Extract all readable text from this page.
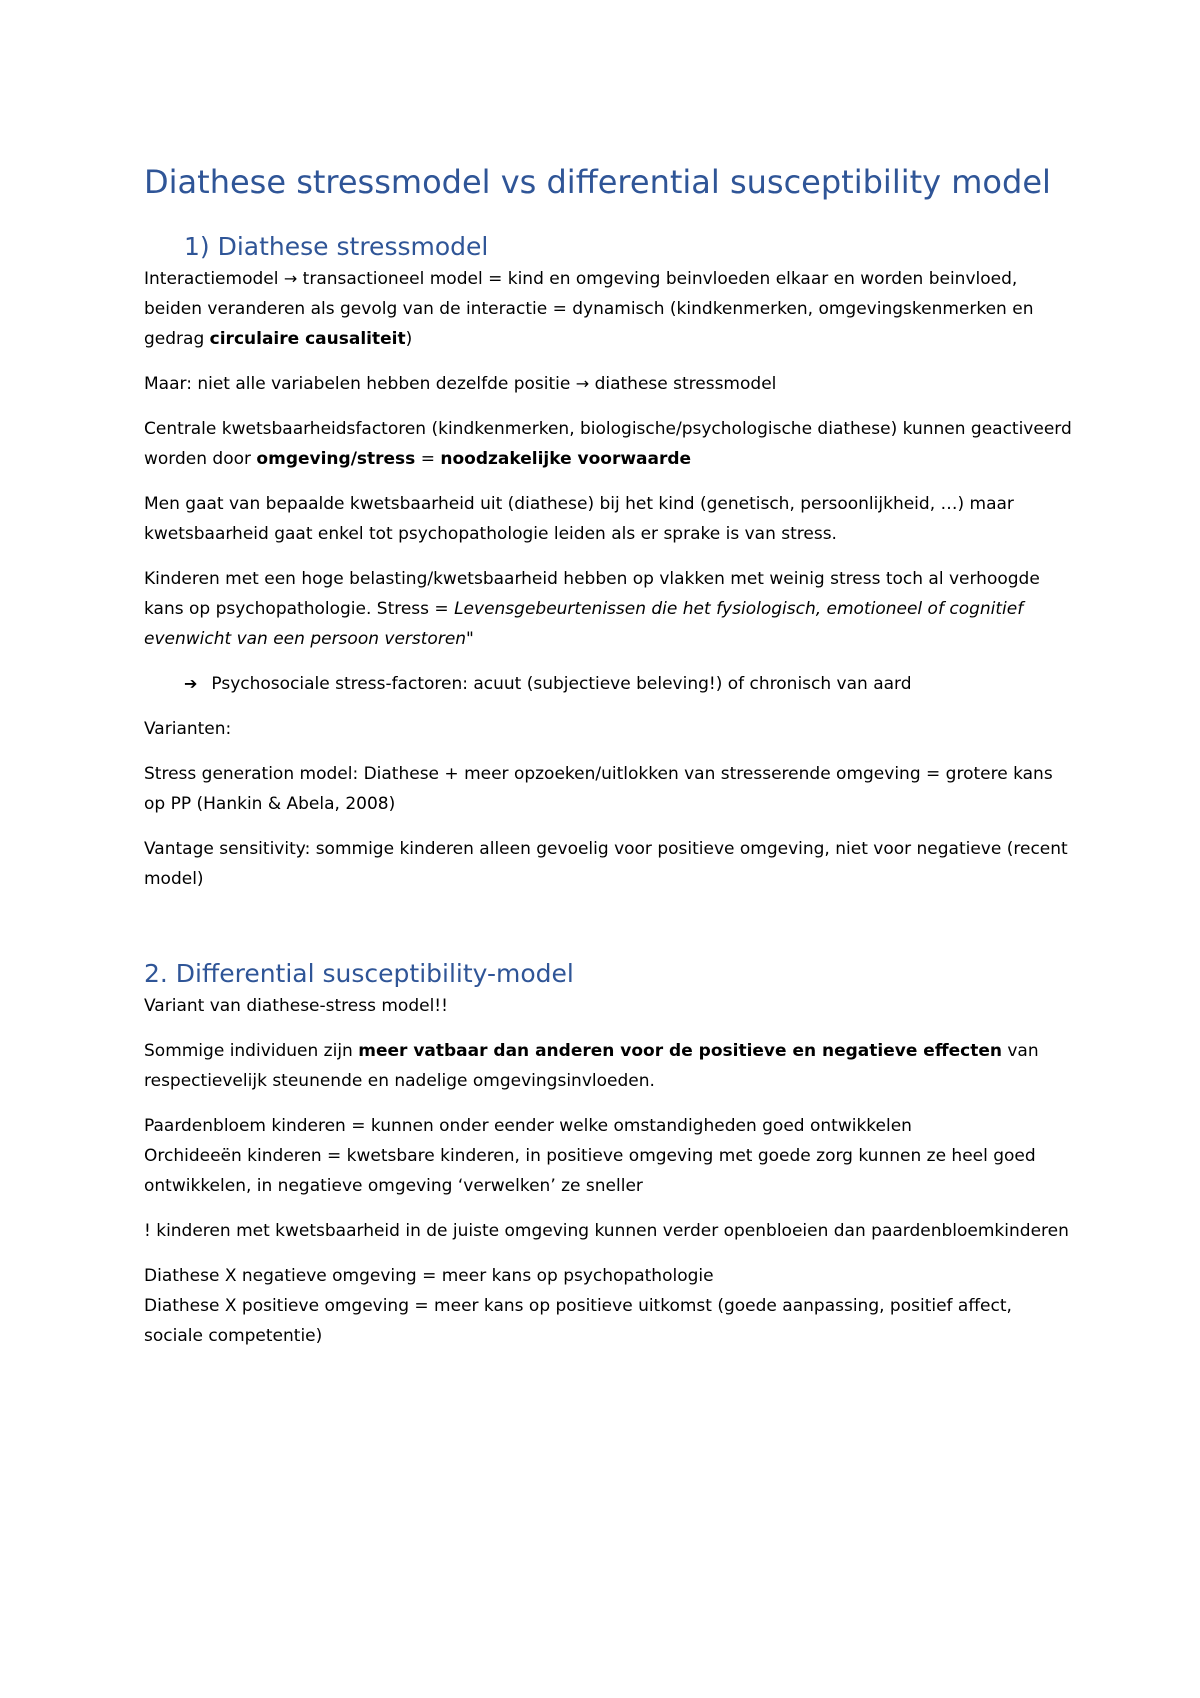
Diathese stressmodel vs differential susceptibility model
1) Diathese stressmodel

Interactiemodel → transactioneel model = kind en omgeving beinvloeden elkaar en worden beinvloed, beiden veranderen als gevolg van de interactie = dynamisch (kindkenmerken, omgevingskenmerken en gedrag circulaire causaliteit)

Maar: niet alle variabelen hebben dezelfde positie → diathese stressmodel

Centrale kwetsbaarheidsfactoren (kindkenmerken, biologische/psychologische diathese) kunnen geactiveerd worden door omgeving/stress = noodzakelijke voorwaarde

Men gaat van bepaalde kwetsbaarheid uit (diathese) bij het kind (genetisch, persoonlijkheid, …) maar kwetsbaarheid gaat enkel tot psychopathologie leiden als er sprake is van stress.

Kinderen met een hoge belasting/kwetsbaarheid hebben op vlakken met weinig stress toch al verhoogde kans op psychopathologie. Stress = Levensgebeurtenissen die het fysiologisch, emotioneel of cognitief evenwicht van een persoon verstoren"

➔ Psychosociale stress-factoren: acuut (subjectieve beleving!) of chronisch van aard

Varianten:

Stress generation model: Diathese + meer opzoeken/uitlokken van stresserende omgeving = grotere kans op PP (Hankin & Abela, 2008)

Vantage sensitivity: sommige kinderen alleen gevoelig voor positieve omgeving, niet voor negatieve (recent model)

2. Differential susceptibility-model

Variant van diathese-stress model!!

Sommige individuen zijn meer vatbaar dan anderen voor de positieve en negatieve effecten van respectievelijk steunende en nadelige omgevingsinvloeden.

Paardenbloem kinderen = kunnen onder eender welke omstandigheden goed ontwikkelen

Orchideeën kinderen = kwetsbare kinderen, in positieve omgeving met goede zorg kunnen ze heel goed ontwikkelen, in negatieve omgeving ‘verwelken’ ze sneller

! kinderen met kwetsbaarheid in de juiste omgeving kunnen verder openbloeien dan paardenbloemkinderen

Diathese X negatieve omgeving = meer kans op psychopathologie

Diathese X positieve omgeving = meer kans op positieve uitkomst (goede aanpassing, positief affect, sociale competentie)
